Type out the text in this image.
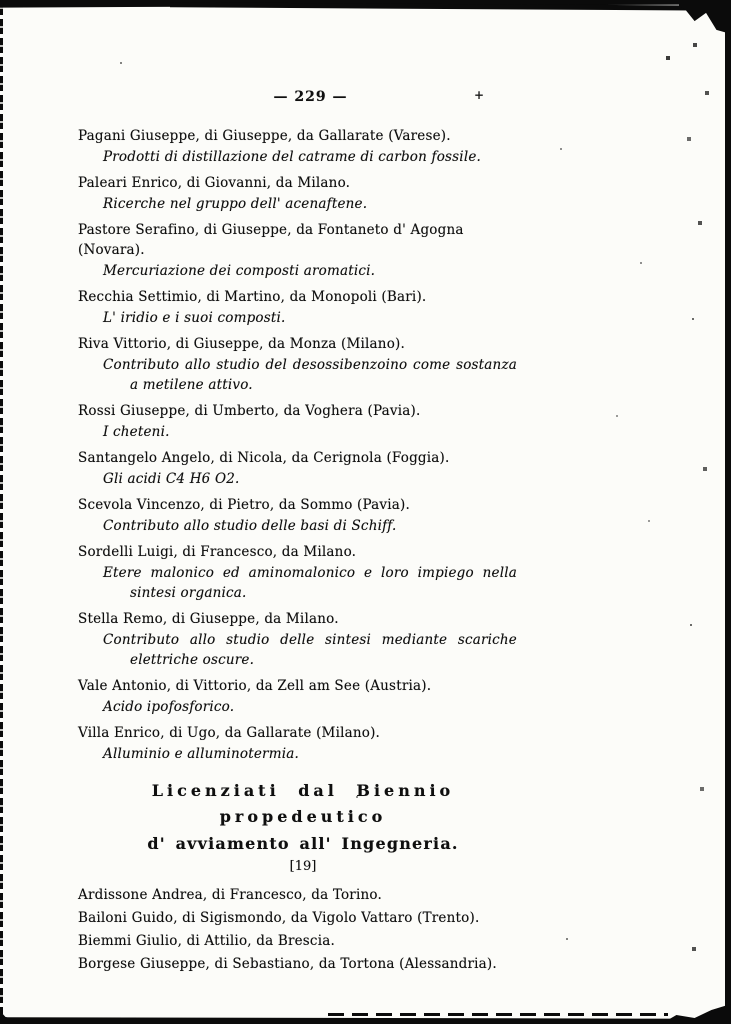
+
— 229 —
Pagani Giuseppe, di Giuseppe, da Gallarate (Varese).
Prodotti di distillazione del catrame di carbon fossile.
Paleari Enrico, di Giovanni, da Milano.
Ricerche nel gruppo dell' acenaftene.
Pastore Serafino, di Giuseppe, da Fontaneto d' Agogna (Novara).
Mercuriazione dei composti aromatici.
Recchia Settimio, di Martino, da Monopoli (Bari).
L' iridio e i suoi composti.
Riva Vittorio, di Giuseppe, da Monza (Milano).
Contributo allo studio del desossibenzoino come sostanza a metilene attivo.
Rossi Giuseppe, di Umberto, da Voghera (Pavia).
I cheteni.
Santangelo Angelo, di Nicola, da Cerignola (Foggia).
Gli acidi C4 H6 O2.
Scevola Vincenzo, di Pietro, da Sommo (Pavia).
Contributo allo studio delle basi di Schiff.
Sordelli Luigi, di Francesco, da Milano.
Etere malonico ed aminomalonico e loro impiego nella sintesi organica.
Stella Remo, di Giuseppe, da Milano.
Contributo allo studio delle sintesi mediante scariche elettriche oscure.
Vale Antonio, di Vittorio, da Zell am See (Austria).
Acido ipofosforico.
Villa Enrico, di Ugo, da Gallarate (Milano).
Alluminio e alluminotermia.
Licenziati dal Biennio propedeutico
d' avviamento all' Ingegneria.
[19]
Ardissone Andrea, di Francesco, da Torino.
Bailoni Guido, di Sigismondo, da Vigolo Vattaro (Trento).
Biemmi Giulio, di Attilio, da Brescia.
Borgese Giuseppe, di Sebastiano, da Tortona (Alessandria).
